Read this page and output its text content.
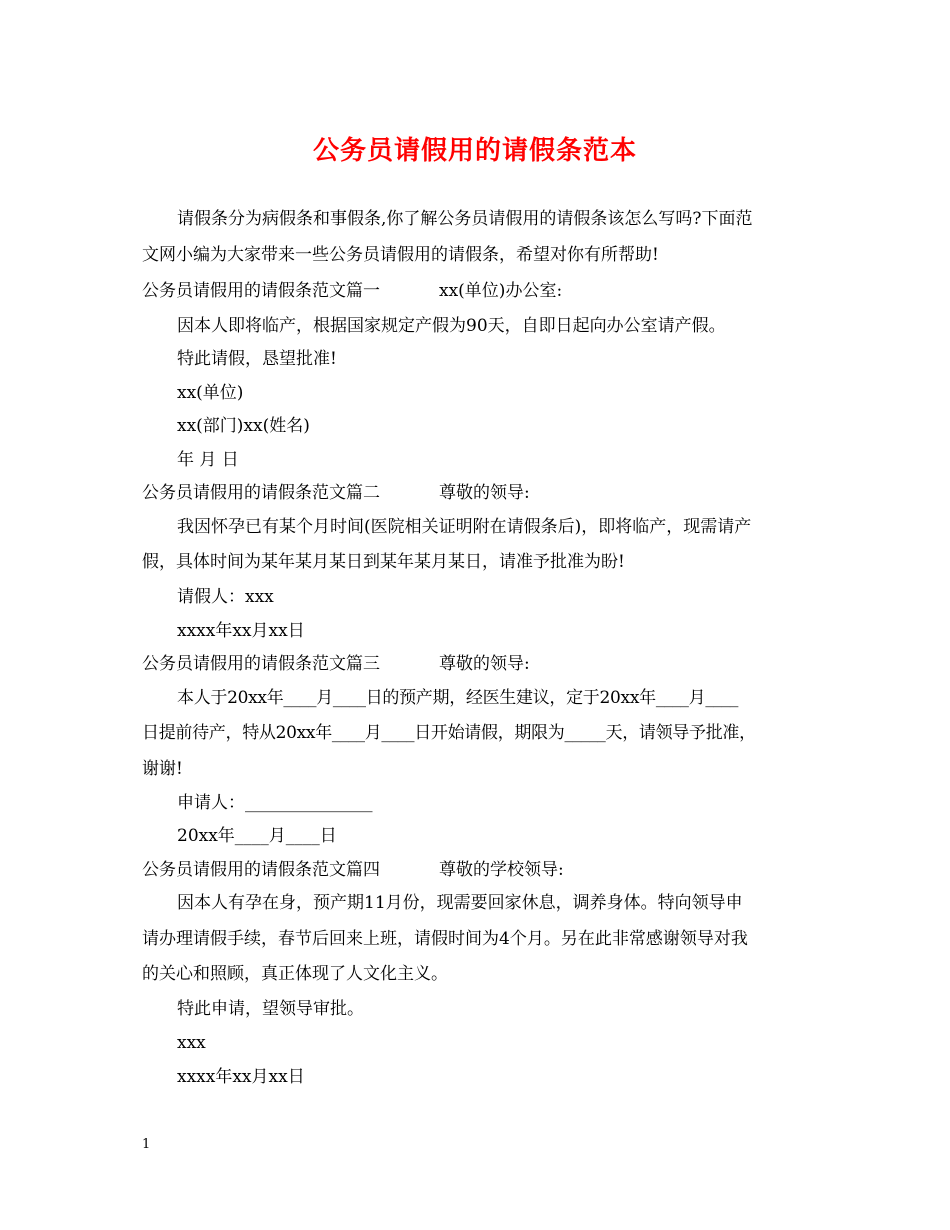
公务员请假用的请假条范本
请假条分为病假条和事假条,你了解公务员请假用的请假条该怎么写吗?下面范
文网小编为大家带来一些公务员请假用的请假条，希望对你有所帮助!
公务员请假用的请假条范文篇一	xx(单位)办公室:
因本人即将临产，根据国家规定产假为90天，自即日起向办公室请产假。
特此请假，恳望批准!
xx(单位)
xx(部门)xx(姓名)
年 月 日
公务员请假用的请假条范文篇二	尊敬的领导:
我因怀孕已有某个月时间(医院相关证明附在请假条后)，即将临产，现需请产
假，具体时间为某年某月某日到某年某月某日，请准予批准为盼!
请假人：xxx
xxxx年xx月xx日
公务员请假用的请假条范文篇三	尊敬的领导:
本人于20xx年____月____日的预产期，经医生建议，定于20xx年____月____
日提前待产，特从20xx年____月____日开始请假，期限为_____天，请领导予批准，
谢谢!
申请人：_______________
20xx年____月____日
公务员请假用的请假条范文篇四	尊敬的学校领导:
因本人有孕在身，预产期11月份，现需要回家休息，调养身体。特向领导申
请办理请假手续，春节后回来上班，请假时间为4个月。另在此非常感谢领导对我
的关心和照顾，真正体现了人文化主义。
特此申请，望领导审批。
xxx
xxxx年xx月xx日
1
